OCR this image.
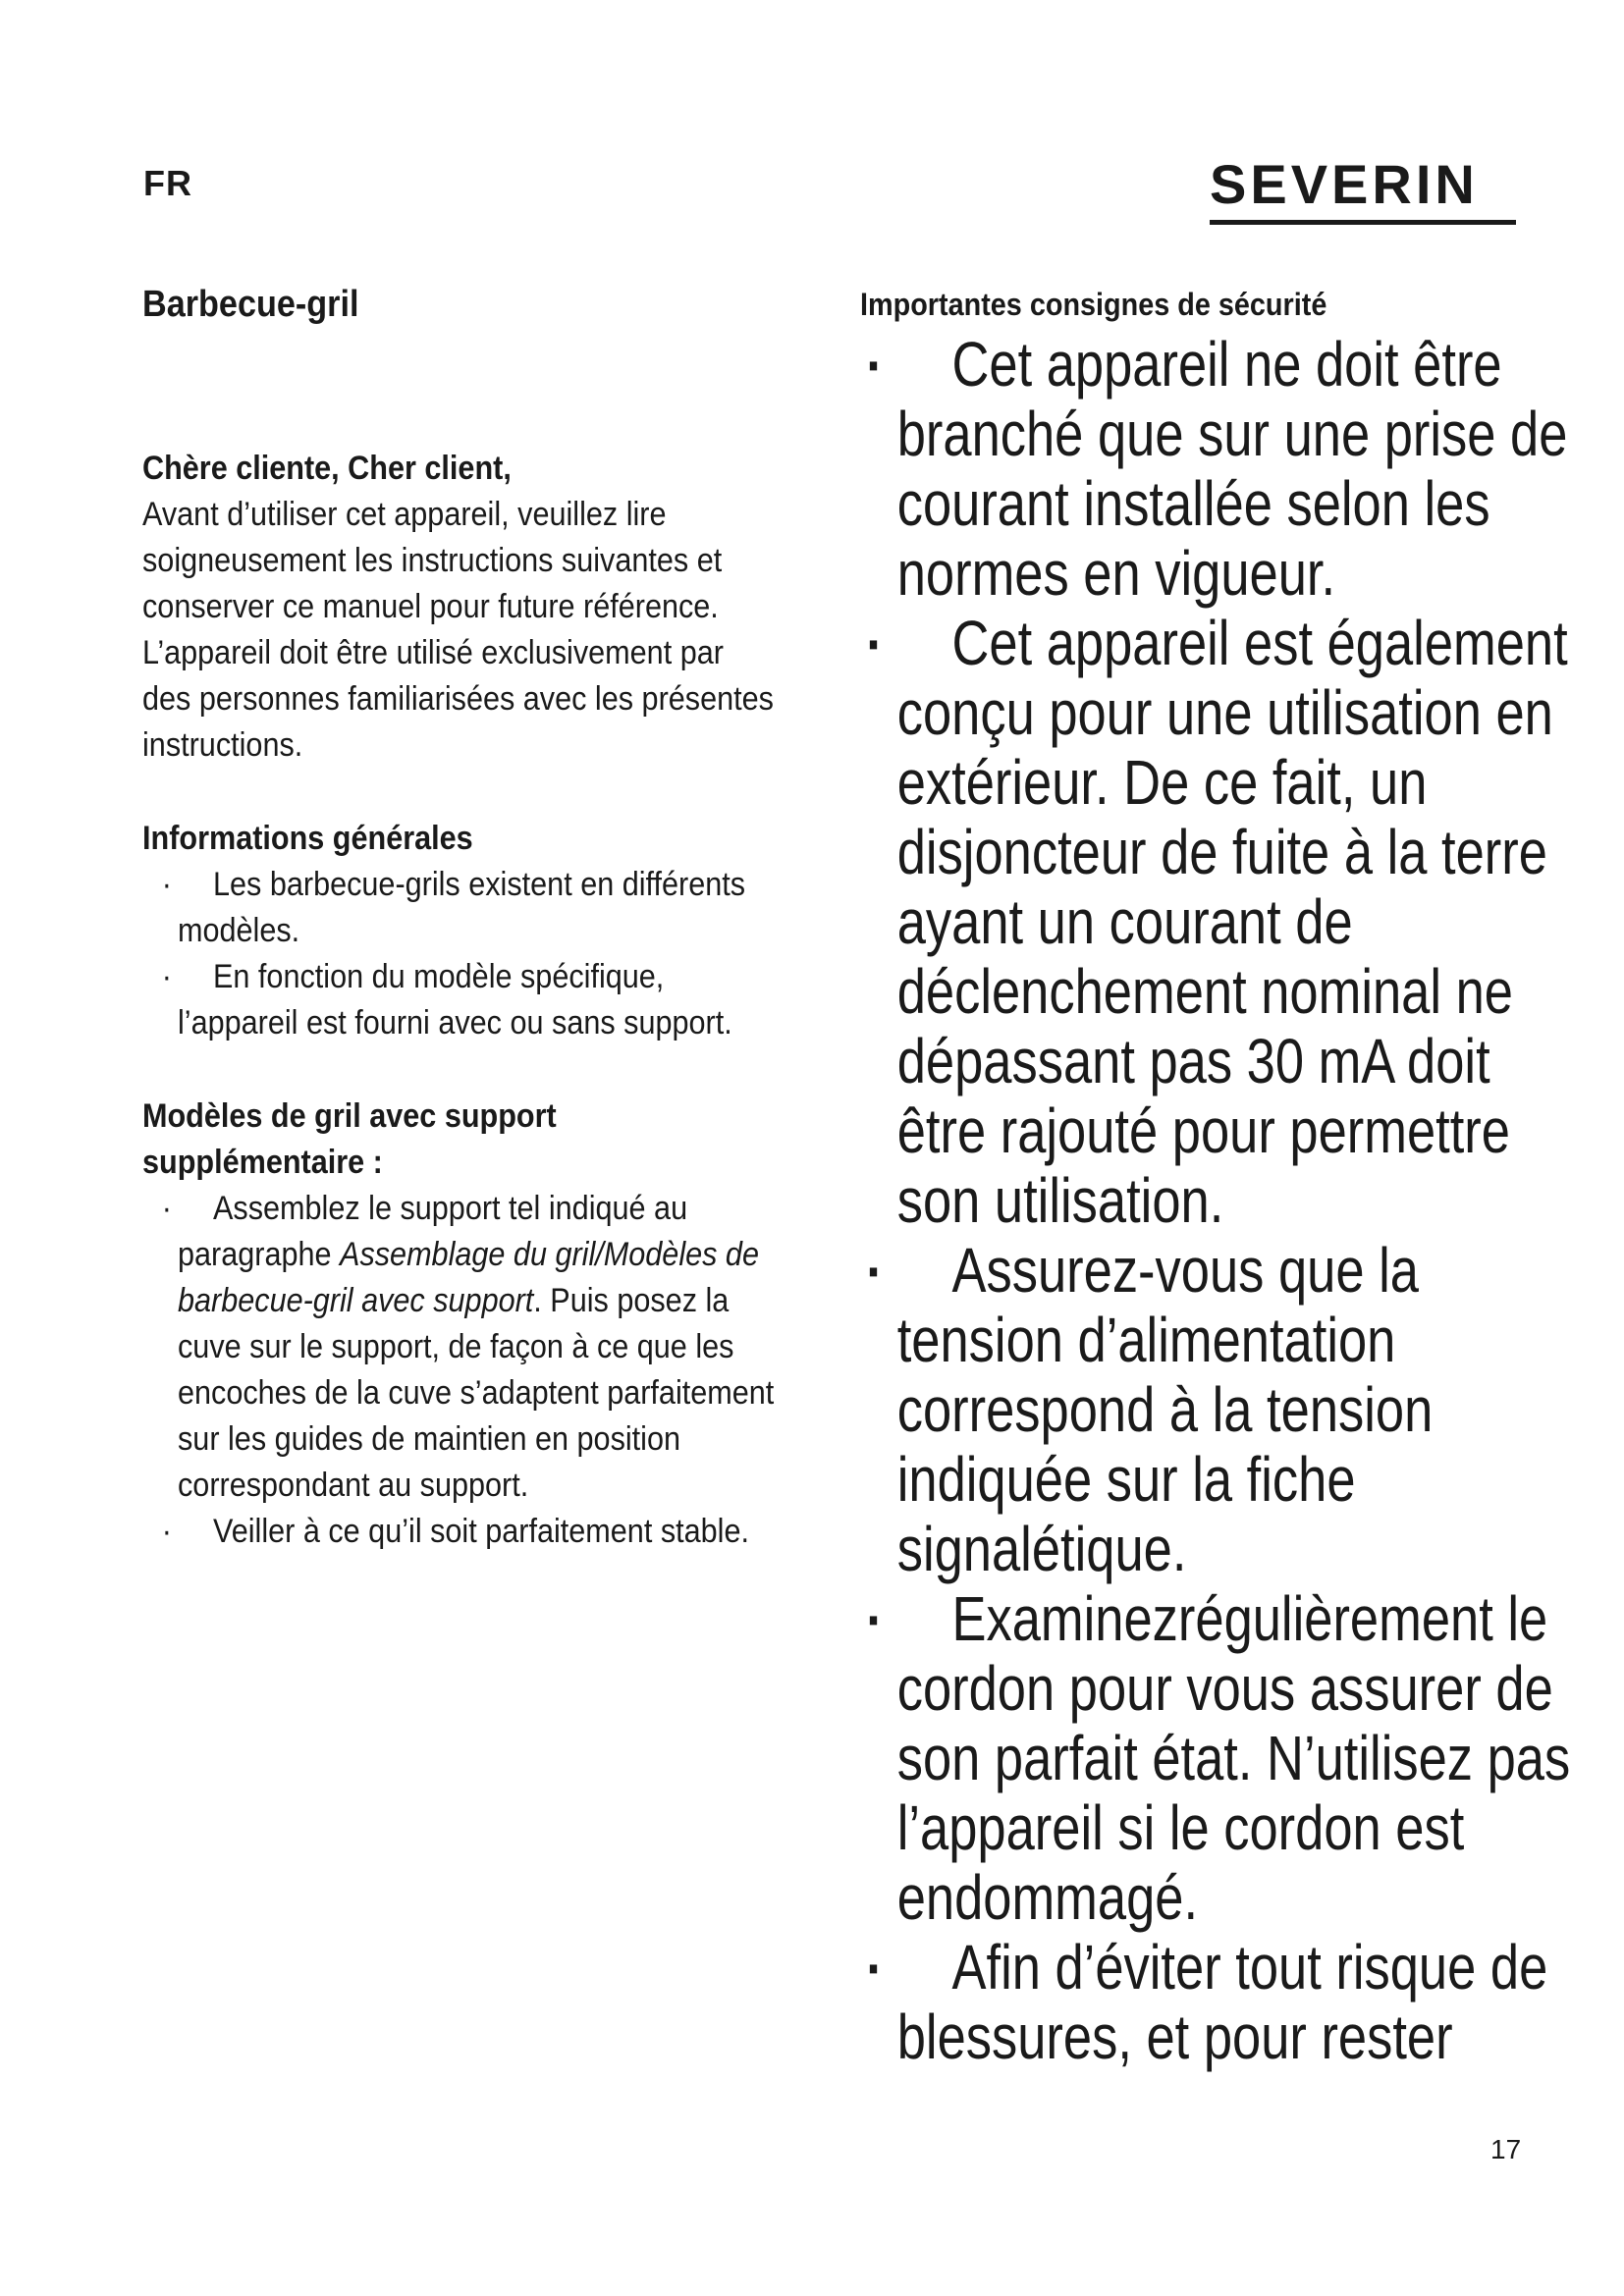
FR	SEVERIN
Barbecue-gril

Chère cliente, Cher client,

Avant d’utiliser cet appareil, veuillez lire soigneusement les instructions suivantes et conserver ce manuel pour future référence. L’appareil doit être utilisé exclusivement par des personnes familiarisées avec les présentes instructions.

Informations générales

· Les barbecue-grils existent en différents modèles.
· En fonction du modèle spécifique, l’appareil est fourni avec ou sans support.

Modèles de gril avec support
supplémentaire :

· Assemblez le support tel indiqué au paragraphe Assemblage du gril/Modèles de barbecue-gril avec support. Puis posez la cuve sur le support, de façon à ce que les encoches de la cuve s’adaptent parfaitement sur les guides de maintien en position correspondant au support.
· Veiller à ce qu’il soit parfaitement stable.

Importantes consignes de sécurité

▪ Cet appareil ne doit être branché que sur une prise de courant installée selon les normes en vigueur.
▪ Cet appareil est également conçu pour une utilisation en extérieur. De ce fait, un disjoncteur de fuite à la terre ayant un courant de déclenchement nominal ne dépassant pas 30 mA doit être rajouté pour permettre son utilisation.
▪ Assurez-vous que la tension d’alimentation correspond à la tension indiquée sur la fiche signalétique.
▪ Examinezrégulièrement le cordon pour vous assurer de son parfait état. N’utilisez pas l’appareil si le cordon est endommagé.
▪ Afin d’éviter tout risque de blessures, et pour rester
17
